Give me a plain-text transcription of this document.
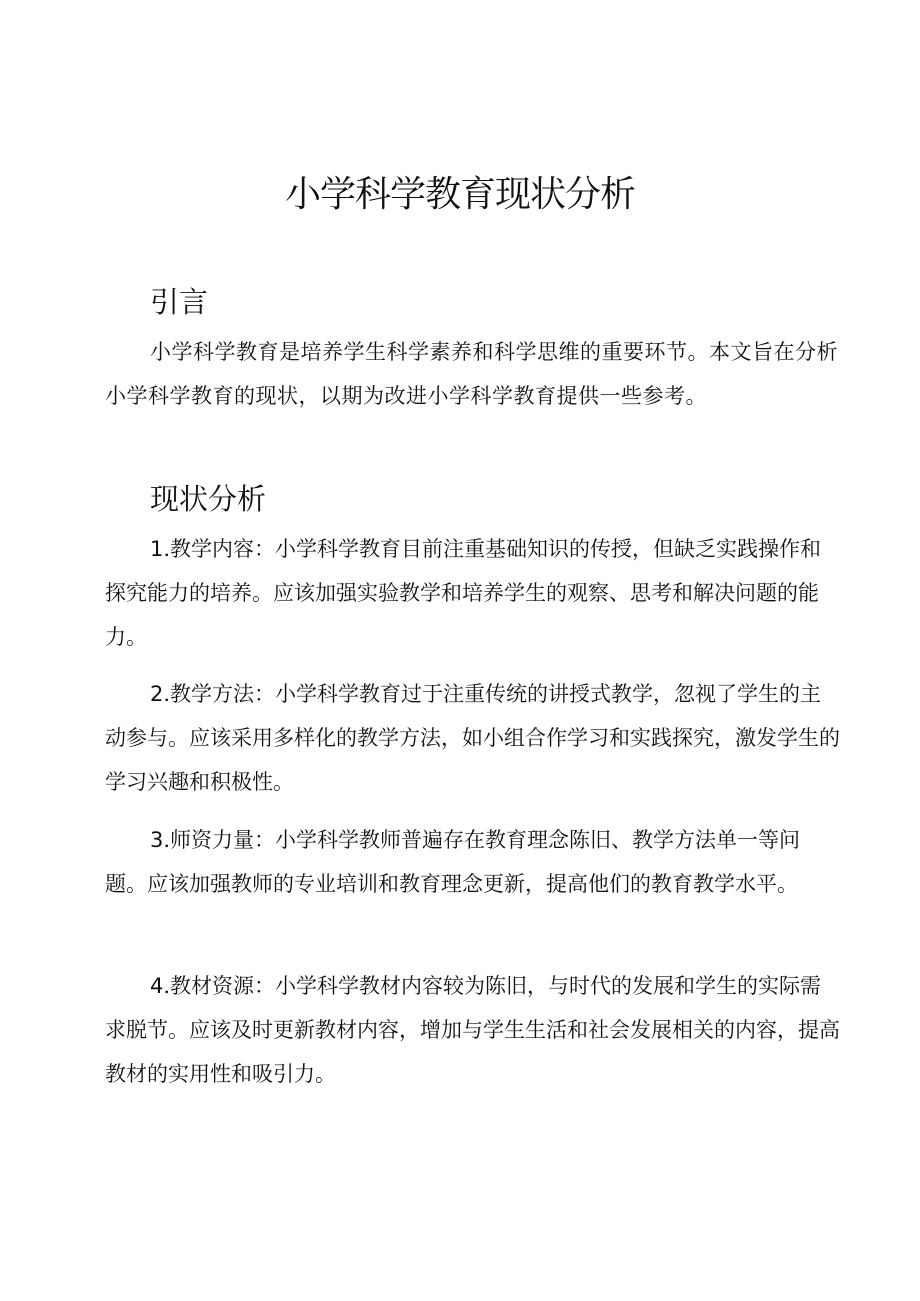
小学科学教育现状分析
引言

小学科学教育是培养学生科学素养和科学思维的重要环节。本文旨在分析小学科学教育的现状，以期为改进小学科学教育提供一些参考。

现状分析

1.教学内容：小学科学教育目前注重基础知识的传授，但缺乏实践操作和探究能力的培养。应该加强实验教学和培养学生的观察、思考和解决问题的能力。

2.教学方法：小学科学教育过于注重传统的讲授式教学，忽视了学生的主动参与。应该采用多样化的教学方法，如小组合作学习和实践探究，激发学生的学习兴趣和积极性。

3.师资力量：小学科学教师普遍存在教育理念陈旧、教学方法单一等问题。应该加强教师的专业培训和教育理念更新，提高他们的教育教学水平。

4.教材资源：小学科学教材内容较为陈旧，与时代的发展和学生的实际需求脱节。应该及时更新教材内容，增加与学生生活和社会发展相关的内容，提高教材的实用性和吸引力。
